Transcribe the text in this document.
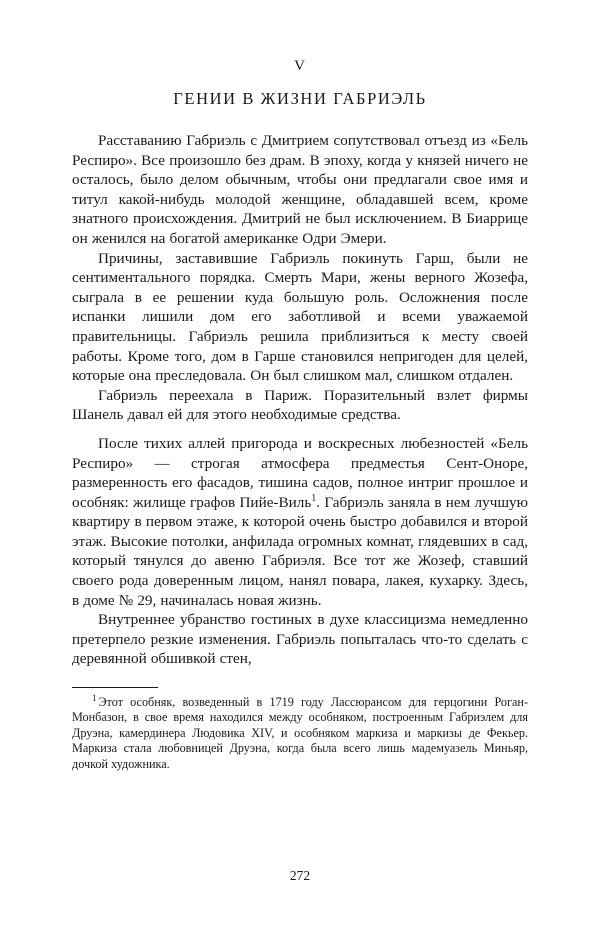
V
ГЕНИИ В ЖИЗНИ ГАБРИЭЛЬ

Расставанию Габриэль с Дмитрием сопутствовал отъезд из «Бель Респиро». Все произошло без драм. В эпоху, когда у князей ничего не осталось, было делом обычным, чтобы они предлагали свое имя и титул какой-нибудь молодой женщине, обладавшей всем, кроме знатного происхождения. Дмитрий не был исключением. В Биаррице он женился на богатой американке Одри Эмери.

Причины, заставившие Габриэль покинуть Гарш, были не сентиментального порядка. Смерть Мари, жены верного Жозефа, сыграла в ее решении куда большую роль. Осложнения после испанки лишили дом его заботливой и всеми уважаемой правительницы. Габриэль решила приблизиться к месту своей работы. Кроме того, дом в Гарше становился непригоден для целей, которые она преследовала. Он был слишком мал, слишком отдален.

Габриэль переехала в Париж. Поразительный взлет фирмы Шанель давал ей для этого необходимые средства.

После тихих аллей пригорода и воскресных любезностей «Бель Респиро» — строгая атмосфера предместья Сент-Оноре, размеренность его фасадов, тишина садов, полное интриг прошлое и особняк: жилище графов Пийе-Виль$^1$. Габриэль заняла в нем лучшую квартиру в первом этаже, к которой очень быстро добавился и второй этаж. Высокие потолки, анфилада огромных комнат, глядевших в сад, который тянулся до авеню Габриэля. Все тот же Жозеф, ставший своего рода доверенным лицом, нанял повара, лакея, кухарку. Здесь, в доме № 29, начиналась новая жизнь.

Внутреннее убранство гостиных в духе классицизма немедленно претерпело резкие изменения. Габриэль попыталась что-то сделать с деревянной обшивкой стен,

$^1$ Этот особняк, возведенный в 1719 году Лассюрансом для герцогини Роган-Монбазон, в свое время находился между особняком, построенным Габриэлем для Друэна, камердинера Людовика XIV, и особняком маркиза и маркизы де Фекьер. Маркиза стала любовницей Друэна, когда была всего лишь мадемуазель Миньяр, дочкой художника.
272
